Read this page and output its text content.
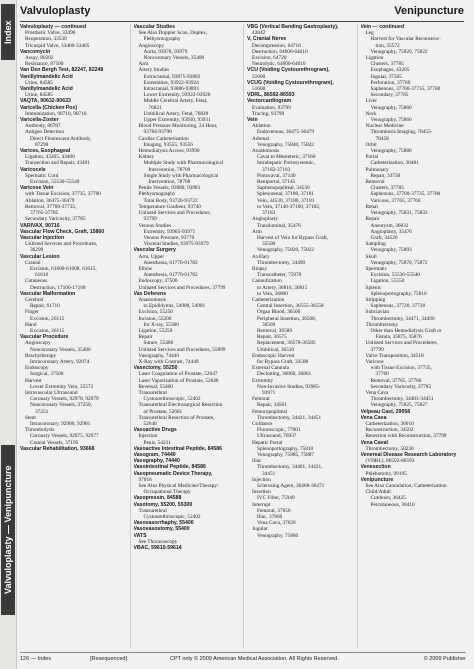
Index
Valvuloplasty — Venipuncture
Valvuloplasty	Venipuncture
Valvuloplasty — continued
Prosthetic Valve, 33496
Reoperation, 33530
Tricuspid Valve, 33460-33465
Vancomycin
Assay, 80202
Resistance, 87500
Van Den Bergh Test, 82247, 82248
Vanillylmandelic Acid
Urine, 84585
Vanillylmandelic Acid
Urine, 84585
VAQTA, 90632-90633
Varicella (Chicken Pox)
Immunization, 90710, 90716
Varicella-Zoster
Antibody, 86787
Antigen Detection
Direct Fluorescent Antibody,
87290
Varices, Esophageal
Ligation, 43205, 43400
Transection and Repair, 43401
Varicocele
Spermatic Cord
Excision, 55530-55540
Varicose Vein
with Tissue Excision, 37735, 37760
Ablation, 36475-36479
Removal, 37700-37735,
37765-37785
Secondary Varicosity, 37785
VARIVAX, 90716
Vascular Flow Check, Graft, 15860
Vascular Injection
Unlisted Services and Procedures,
36299
Vascular Lesion
Cranial
Excision, 61600-61608, 61615,
61616
Cutaneous
Destruction, 17106-17108
Vascular Malformation
Cerebral
Repair, 61710
Finger
Excision, 26115
Hand
Excision, 26115
Vascular Procedure
Angioscopy
Noncoronary Vessels, 35400
Brachytherapy
Intracoronary Artery, 92974
Endoscopy
Surgical, 37500
Harvest
Lower Extremity Vein, 35572
Intravascular Ultrasound
Coronary Vessels, 92978, 92979
Noncoronary Vessels, 37250,
37251
Stent
Intracoronary, 92980, 92981
Thrombolysis
Coronary Vessels, 92975, 92977
Cranial Vessels, 37195
Vascular Rehabilitation, 93668
Vascular Studies
See Also Doppler Scan, Duplex,
Plethysmography
Angioscopy
Aorta, 93978, 93979
Noncoronary Vessels, 35400
Arm
Artery Studies
Extracranial, 93875-93882
Extremities, 93922-93924
Intracranial, 93886-93893
Lower Extremity, 93922-93926
Middle Cerebral Artery, Fetal,
76821
Umbilical Artery, Fetal, 76820
Upper Extremity, 93930, 93931
Blood Pressure Monitoring, 24 Hour,
93784-93790
Cardiac Catheterization
Imaging, 93555, 93556
Hemodialysis Access, 93990
Kidney
Multiple Study with Pharmacological
Intervention, 78709
Single Study with Pharmacological
Intervention, 78708
Penile Vessels, 93980, 93981
Plethysmography
Total Body, 93720-93722
Temperature Gradient, 93740
Unlisted Services and Procedures,
93799
Venous Studies
Extremity, 93965-93971
Venous Pressure, 93770
Visceral Studies, 93975-93979
Vascular Surgery
Arm, Upper
Anesthesia, 01770-01782
Elbow
Anesthesia, 01770-01782
Endoscopy, 37500
Unlisted Services and Procedures, 37799
Vas Deferens
Anastomosis
to Epididymis, 54900, 54901
Excision, 55250
Incision, 55200
for X-ray, 55300
Ligation, 55250
Repair
Suture, 55400
Unlisted Services and Procedures, 55899
Vasography, 74440
X-Ray with Contrast, 74440
Vasectomy, 55250
Laser Coagulation of Prostate, 52647
Laser Vaporization of Prostate, 52648
Reversal, 55400
Transurethral
Cystourethroscopic, 52402
Transurethral Electrosurgical Resection
of Prostate, 52601
Transurethral Resection of Prostate,
52648
Vasoactive Drugs
Injection
Penis, 54231
Vasoactive Intestinal Peptide, 84586
Vasogram, 74440
Vasography, 74440
Vasointestinal Peptide, 84586
Vasopneumatic Device Therapy,
97016
See Also Physical Medicine/Therapy/
Occupational Therapy
Vasopressin, 84588
Vasotomy, 55200, 55300
Transurethral
Cystourethroscopic, 52402
Vasovasorrhaphy, 55400
Vasovasostomy, 55400
VATS
See Thoracoscopy
VBAC, 59610-59614
VBG (Vertical Banding Gastroplasty),
43842
V, Cranial Nerve
Decompression, 64716
Destruction, 64600-64610
Excision, 64720
Neurolytic, 64600-64610
VCU (Voiding Cystourethrogram),
51600
VCUG (Voiding Cystourethrogram),
51600
VDRL, 86592-86593
Vectorcardiogram
Evaluation, 93799
Tracing, 93799
Vein
Ablation
Endovenous, 36475-36479
Adrenal
Venography, 75840, 75842
Anastomosis
Caval to Mesenteric, 37160
Intrahepatic Portosystemic,
37182-37183
Portocaval, 37140
Reniportal, 37145
Saphenopopliteal, 34530
Splenorenal, 37180, 37181
Vein, 34530, 37180, 37181
to Vein, 37140-37160, 37182,
37183
Angioplasty
Transluminal, 35476
Arm
Harvest of Vein for Bypass Graft,
35500
Venography, 75820, 75822
Axillary
Thrombectomy, 34490
Biopsy
Transcatheter, 75970
Cannulization
to Artery, 36810, 36815
to Vein, 36800
Catheterization
Central Insertion, 36555-36558
Organ Blood, 36500
Peripheral Insertion, 36568,
36569
Removal, 36589
Repair, 36575
Replacement, 36578-36585
Umbilical, 36510
Endoscopic Harvest
for Bypass Graft, 33508
External Cannula
Declotting, 36860, 36861
Extremity
Non-Invasive Studies, 93965-
93971
Femoral
Repair, 34501
Femoropopliteal
Thrombectomy, 34421, 34451
Guidance
Fluoroscopic, 77001
Ultrasound, 76937
Hepatic Portal
Splenoportography, 75810
Venography, 75885, 75887
Iliac
Thrombectomy, 34401, 34421,
34451
Injection
Sclerosing Agent, 36468-36471
Insertion
IVC Filter, 75940
Interrupt
Femoral, 37650
Iliac, 37660
Vena Cava, 37620
Jugular
Venography, 75860
Vein — continued
Leg
Harvest for Vascular Reconstruc-
tion, 35572
Venography, 75820, 75822
Ligation
Clusters, 37785
Esophagus, 43205
Jugular, 37565
Perforation, 37760
Saphenous, 37700-37735, 37780
Secondary, 37785
Liver
Venography, 75860
Neck
Venography, 75860
Nuclear Medicine
Thrombosis Imaging, 78455-
78458
Orbit
Venography, 75880
Portal
Catheterization, 36481
Pulmonary
Repair, 33730
Removal
Clusters, 37785
Saphenous, 37700-37735, 37780
Varicose, 37765, 37766
Renal
Venography, 75831, 75833
Repair
Aneurysm, 36832
Angioplasty, 35476
Graft, 34520
Sampling
Venography, 75893
Skull
Venography, 75870, 75872
Spermatic
Excision, 55530-55540
Ligation, 55550
Splenic
Splenoportography, 75810
Stripping
Saphenous, 37720, 37730
Subclavian
Thrombectomy, 34471, 34490
Thrombectomy
Other than Hemodialysis Graft or
Fistula, 35875, 35876
Unlisted Services and Procedures,
37799
Valve Transposition, 34510
Varicose
with Tissue Excision, 37735,
37760
Removal, 37765, 37766
Secondary Varicosity, 37785
Vena Cava
Thrombectomy, 34401-34451
Venography, 75825, 75827
Velpeau Cast, 29058
Vena Cava
Catheterization, 36010
Reconstruction, 34502
Resection with Reconstruction, 37799
Vena Caval
Thrombectomy, 50230
Venereal Disease Research Laboratory
(VDRL), 86592-86593
Venesection
Phlebotomy, 99195
Venipuncture
See Also Cannulation; Catheterization
Child/Adult
Cutdown, 36425
Percutaneous, 36410
126 — Index	[Resequenced]	CPT only © 2009 American Medical Association. All Rights Reserved.	© 2009 Publisher
